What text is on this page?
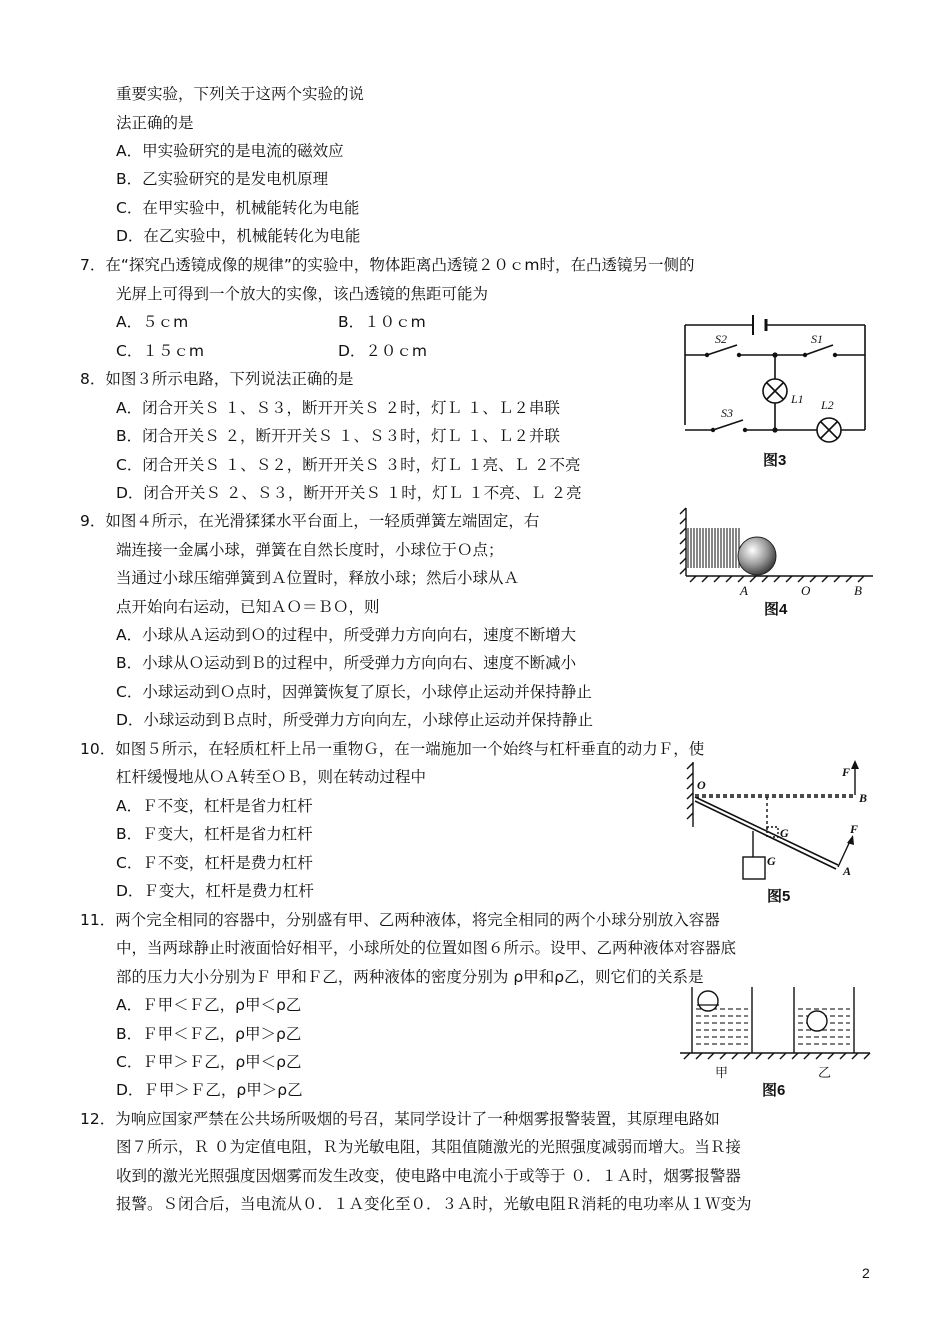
重要实验，下列关于这两个实验的说
法正确的是
A．甲实验研究的是电流的磁效应
B．乙实验研究的是发电机原理
C．在甲实验中，机械能转化为电能
D．在乙实验中，机械能转化为电能
7．在“探究凸透镜成像的规律”的实验中，物体距离凸透镜２０ｃm时，在凸透镜另一侧的
光屏上可得到一个放大的实像，该凸透镜的焦距可能为
A．５ｃm	B．１０ｃm
C．１５ｃm	D．２０ｃm
8．如图３所示电路，下列说法正确的是
A．闭合开关Ｓ １、Ｓ３，断开开关Ｓ ２时，灯Ｌ １、Ｌ２串联
B．闭合开关Ｓ ２，断开开关Ｓ １、Ｓ３时，灯Ｌ １、Ｌ２并联
C．闭合开关Ｓ １、Ｓ２，断开开关Ｓ ３时，灯Ｌ １亮、Ｌ ２不亮
D．闭合开关Ｓ ２、Ｓ３，断开开关Ｓ １时，灯Ｌ １不亮、Ｌ ２亮
S2	S1
S3
L1 L2
图3
9．如图４所示，在光滑猱猱水平台面上，一轻质弹簧左端固定，右
端连接一金属小球，弹簧在自然长度时，小球位于Ｏ点；
当通过小球压缩弹簧到Ａ位置时，释放小球；然后小球从Ａ
点开始向右运动，已知ＡＯ＝ＢＯ，则
A．小球从Ａ运动到Ｏ的过程中，所受弹力方向向右，速度不断增大
B．小球从Ｏ运动到Ｂ的过程中，所受弹力方向向右、速度不断减小
C．小球运动到Ｏ点时，因弹簧恢复了原长，小球停止运动并保持静止
D．小球运动到Ｂ点时，所受弹力方向向左，小球停止运动并保持静止
A	O	B
图4
10．如图５所示，在轻质杠杆上吊一重物Ｇ，在一端施加一个始终与杠杆垂直的动力Ｆ，使
杠杆缓慢地从ＯＡ转至ＯＢ，则在转动过程中
A．Ｆ不变，杠杆是省力杠杆
B．Ｆ变大，杠杆是省力杠杆
C．Ｆ不变，杠杆是费力杠杆
D．Ｆ变大，杠杆是费力杠杆
O
B
F
F
G
G
A
图5
11．两个完全相同的容器中，分别盛有甲、乙两种液体，将完全相同的两个小球分别放入容器
中，当两球静止时液面恰好相平，小球所处的位置如图６所示。设甲、乙两种液体对容器底
部的压力大小分别为Ｆ 甲和Ｆ乙，两种液体的密度分别为 ρ甲和ρ乙，则它们的关系是
A．Ｆ甲＜Ｆ乙，ρ甲＜ρ乙
B．Ｆ甲＜Ｆ乙，ρ甲＞ρ乙
C．Ｆ甲＞Ｆ乙，ρ甲＜ρ乙
D．Ｆ甲＞Ｆ乙，ρ甲＞ρ乙
甲	乙
图6
12．为响应国家严禁在公共场所吸烟的号召，某同学设计了一种烟雾报警装置，其原理电路如
图７所示，Ｒ ０为定值电阻，Ｒ为光敏电阻，其阻值随激光的光照强度减弱而增大。当Ｒ接
收到的激光光照强度因烟雾而发生改变，使电路中电流小于或等于 ０．１Ａ时，烟雾报警器
报警。Ｓ闭合后，当电流从０．１Ａ变化至０．３Ａ时，光敏电阻Ｒ消耗的电功率从１Ｗ变为
2
